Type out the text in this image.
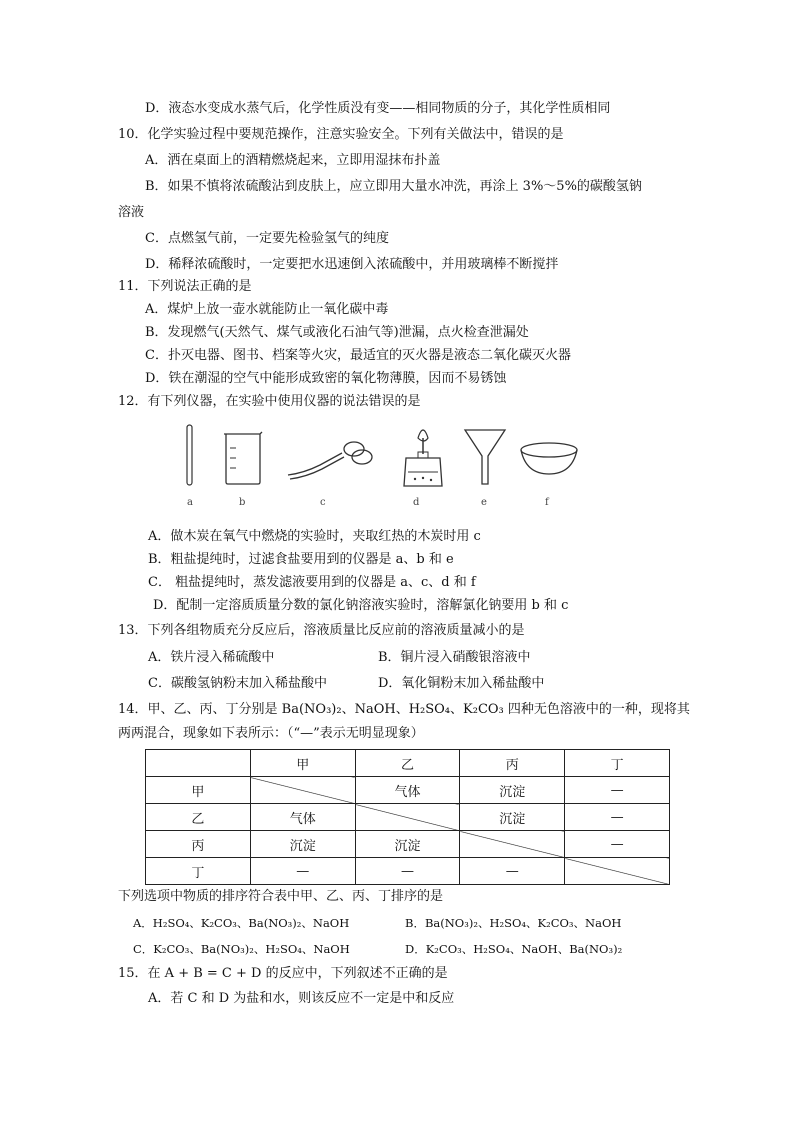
D．液态水变成水蒸气后，化学性质没有变——相同物质的分子，其化学性质相同
10．化学实验过程中要规范操作，注意实验安全。下列有关做法中，错误的是
A．洒在桌面上的酒精燃烧起来，立即用湿抹布扑盖
B．如果不慎将浓硫酸沾到皮肤上，应立即用大量水冲洗，再涂上 3%～5%的碳酸氢钠
溶液
C．点燃氢气前，一定要先检验氢气的纯度
D．稀释浓硫酸时，一定要把水迅速倒入浓硫酸中，并用玻璃棒不断搅拌
11．下列说法正确的是
A．煤炉上放一壶水就能防止一氧化碳中毒
B．发现燃气(天然气、煤气或液化石油气等)泄漏，点火检查泄漏处
C．扑灭电器、图书、档案等火灾，最适宜的灭火器是液态二氧化碳灭火器
D．铁在潮湿的空气中能形成致密的氧化物薄膜，因而不易锈蚀
12．有下列仪器，在实验中使用仪器的说法错误的是
a	b	c	d	e	f
A．做木炭在氧气中燃烧的实验时，夹取红热的木炭时用 c
B．粗盐提纯时，过滤食盐要用到的仪器是 a、b 和 e
C． 粗盐提纯时，蒸发滤液要用到的仪器是 a、c、d 和 f
D．配制一定溶质质量分数的氯化钠溶液实验时，溶解氯化钠要用 b 和 c
13．下列各组物质充分反应后，溶液质量比反应前的溶液质量减小的是
A．铁片浸入稀硫酸中	B．铜片浸入硝酸银溶液中
C．碳酸氢钠粉末加入稀盐酸中	D．氧化铜粉末加入稀盐酸中
14．甲、乙、丙、丁分别是 Ba(NO₃)₂、NaOH、H₂SO₄、K₂CO₃ 四种无色溶液中的一种，现将其
两两混合，现象如下表所示：（“—”表示无明显现象）
	甲	乙	丙	丁
甲		气体	沉淀	—
乙	气体		沉淀	—
丙	沉淀	沉淀		—
丁	—	—	—	
下列选项中物质的排序符合表中甲、乙、丙、丁排序的是
A．H₂SO₄、K₂CO₃、Ba(NO₃)₂、NaOH	B．Ba(NO₃)₂、H₂SO₄、K₂CO₃、NaOH
C．K₂CO₃、Ba(NO₃)₂、H₂SO₄、NaOH	D．K₂CO₃、H₂SO₄、NaOH、Ba(NO₃)₂
15．在 A + B = C + D 的反应中，下列叙述不正确的是
A．若 C 和 D 为盐和水，则该反应不一定是中和反应
